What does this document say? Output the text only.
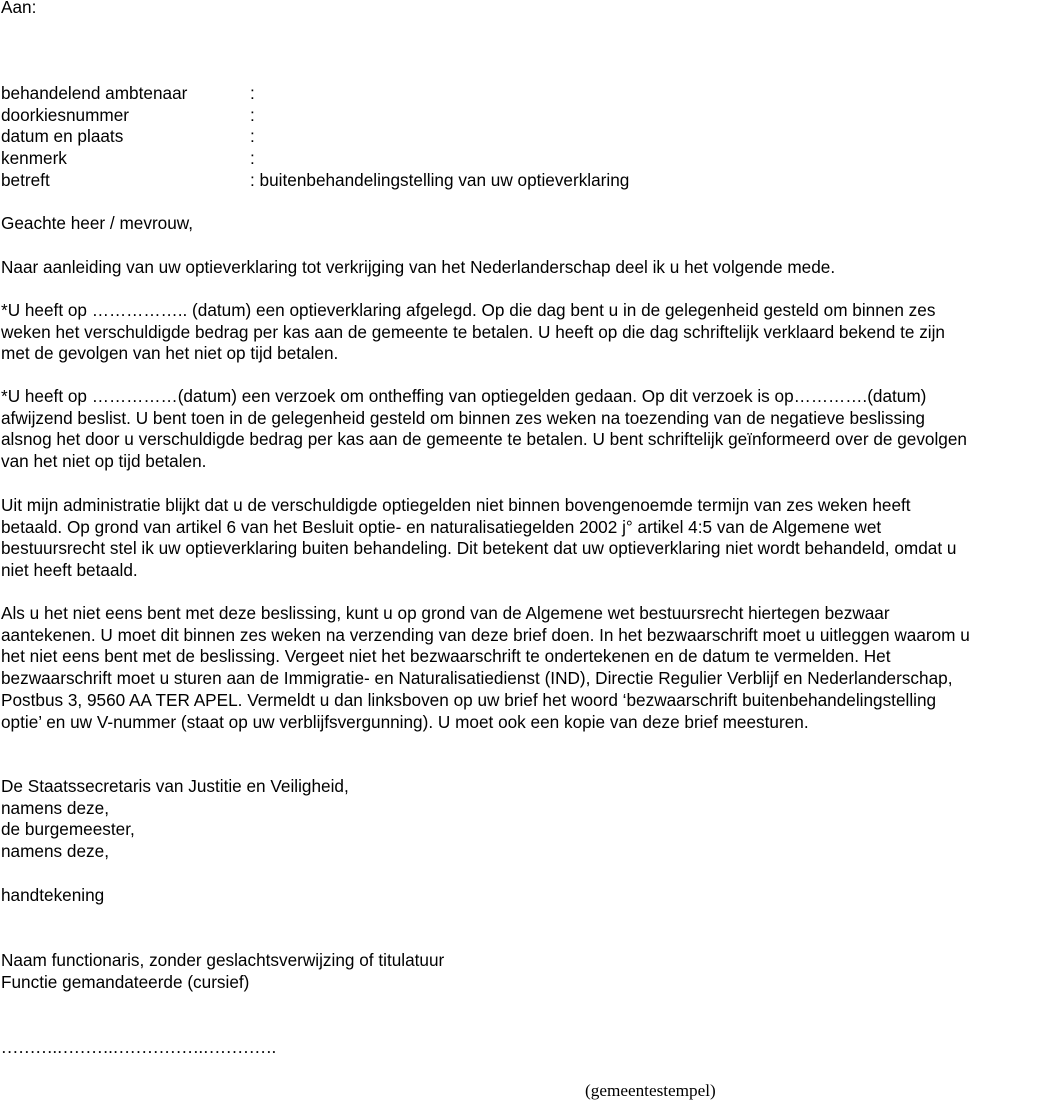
Aan:
behandelend ambtenaar	:
doorkiesnummer	:
datum en plaats	:
kenmerk	:
betreft	: buitenbehandelingstelling van uw optieverklaring
Geachte heer / mevrouw,
Naar aanleiding van uw optieverklaring tot verkrijging van het Nederlanderschap deel ik u het volgende mede.
*U heeft op …………….. (datum) een optieverklaring afgelegd. Op die dag bent u in de gelegenheid gesteld om binnen zes
weken het verschuldigde bedrag per kas aan de gemeente te betalen. U heeft op die dag schriftelijk verklaard bekend te zijn
met de gevolgen van het niet op tijd betalen.
*U heeft op ……………(datum) een verzoek om ontheffing van optiegelden gedaan. Op dit verzoek is op………….(datum)
afwijzend beslist. U bent toen in de gelegenheid gesteld om binnen zes weken na toezending van de negatieve beslissing
alsnog het door u verschuldigde bedrag per kas aan de gemeente te betalen. U bent schriftelijk geïnformeerd over de gevolgen
van het niet op tijd betalen.
Uit mijn administratie blijkt dat u de verschuldigde optiegelden niet binnen bovengenoemde termijn van zes weken heeft
betaald. Op grond van artikel 6 van het Besluit optie- en naturalisatiegelden 2002 j° artikel 4:5 van de Algemene wet
bestuursrecht stel ik uw optieverklaring buiten behandeling. Dit betekent dat uw optieverklaring niet wordt behandeld, omdat u
niet heeft betaald.
Als u het niet eens bent met deze beslissing, kunt u op grond van de Algemene wet bestuursrecht hiertegen bezwaar
aantekenen. U moet dit binnen zes weken na verzending van deze brief doen. In het bezwaarschrift moet u uitleggen waarom u
het niet eens bent met de beslissing. Vergeet niet het bezwaarschrift te ondertekenen en de datum te vermelden. Het
bezwaarschrift moet u sturen aan de Immigratie- en Naturalisatiedienst (IND), Directie Regulier Verblijf en Nederlanderschap,
Postbus 3, 9560 AA TER APEL. Vermeldt u dan linksboven op uw brief het woord ‘bezwaarschrift buitenbehandelingstelling
optie’ en uw V-nummer (staat op uw verblijfsvergunning). U moet ook een kopie van deze brief meesturen.
De Staatssecretaris van Justitie en Veiligheid,
namens deze,
de burgemeester,
namens deze,
handtekening
Naam functionaris, zonder geslachtsverwijzing of titulatuur
Functie gemandateerde (cursief)
……….……….…………….………….
(gemeentestempel)
